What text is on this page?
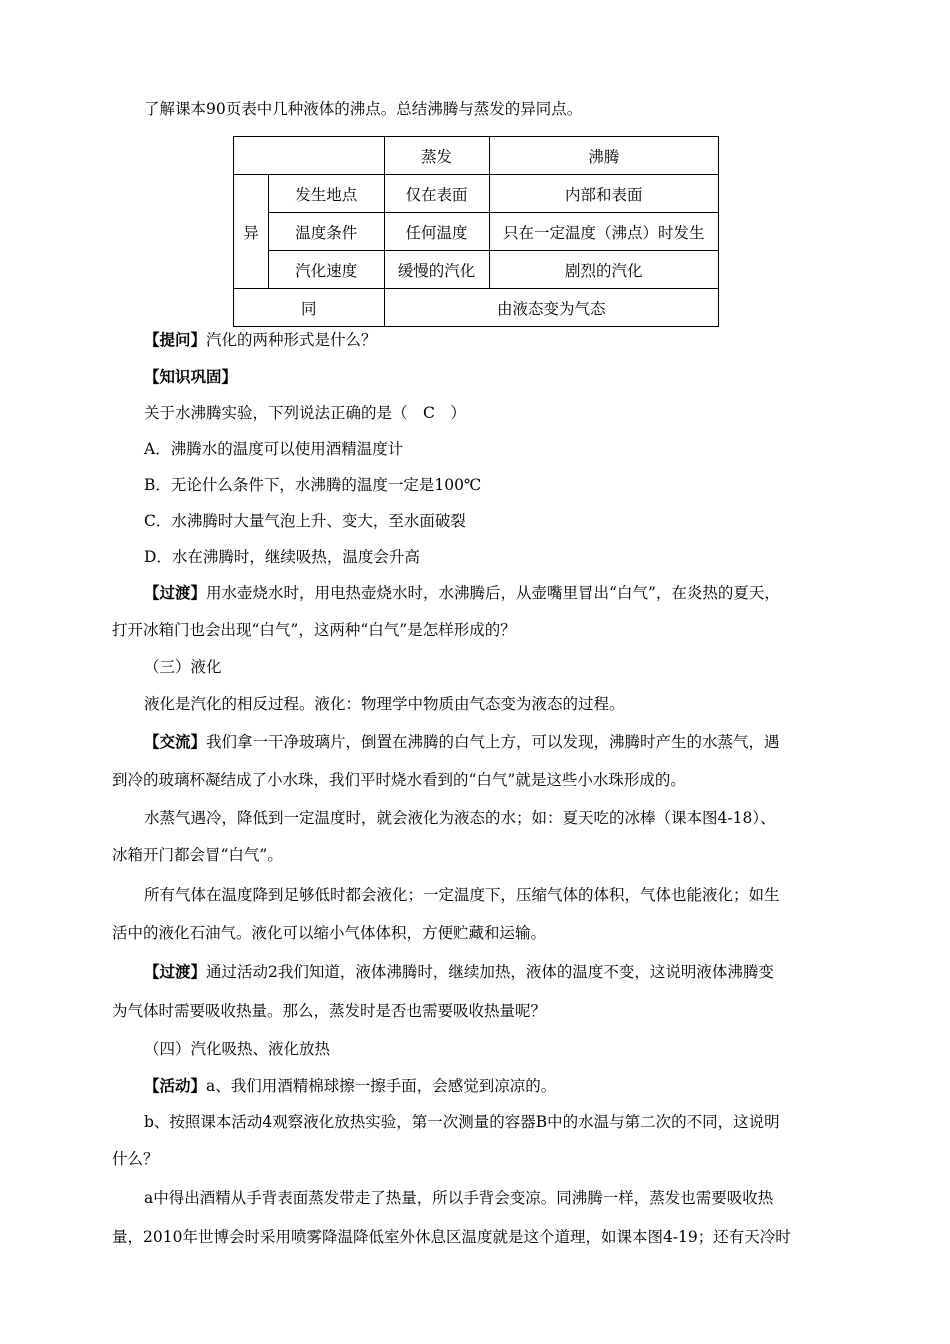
了解课本90页表中几种液体的沸点。总结沸腾与蒸发的异同点。
		蒸发	沸腾
异	发生地点	仅在表面	内部和表面
	温度条件	任何温度	只在一定温度（沸点）时发生
	汽化速度	缓慢的汽化	剧烈的汽化
同		由液态变为气态	
【提问】汽化的两种形式是什么？
【知识巩固】
关于水沸腾实验，下列说法正确的是（　C　）
A．沸腾水的温度可以使用酒精温度计
B．无论什么条件下，水沸腾的温度一定是100℃
C．水沸腾时大量气泡上升、变大，至水面破裂
D．水在沸腾时，继续吸热，温度会升高
【过渡】用水壶烧水时，用电热壶烧水时，水沸腾后，从壶嘴里冒出“白气”，在炎热的夏天，
打开冰箱门也会出现“白气”，这两种“白气”是怎样形成的？
（三）液化
液化是汽化的相反过程。液化：物理学中物质由气态变为液态的过程。
【交流】我们拿一干净玻璃片，倒置在沸腾的白气上方，可以发现，沸腾时产生的水蒸气，遇
到冷的玻璃杯凝结成了小水珠，我们平时烧水看到的“白气”就是这些小水珠形成的。
水蒸气遇冷，降低到一定温度时，就会液化为液态的水；如：夏天吃的冰棒（课本图4-18）、
冰箱开门都会冒“白气”。
所有气体在温度降到足够低时都会液化；一定温度下，压缩气体的体积，气体也能液化；如生
活中的液化石油气。液化可以缩小气体体积，方便贮藏和运输。
【过渡】通过活动2我们知道，液体沸腾时，继续加热，液体的温度不变，这说明液体沸腾变
为气体时需要吸收热量。那么，蒸发时是否也需要吸收热量呢？
（四）汽化吸热、液化放热
【活动】a、我们用酒精棉球擦一擦手面，会感觉到凉凉的。
b、按照课本活动4观察液化放热实验，第一次测量的容器B中的水温与第二次的不同，这说明
什么？
a中得出酒精从手背表面蒸发带走了热量，所以手背会变凉。同沸腾一样，蒸发也需要吸收热
量，2010年世博会时采用喷雾降温降低室外休息区温度就是这个道理，如课本图4-19；还有天冷时
